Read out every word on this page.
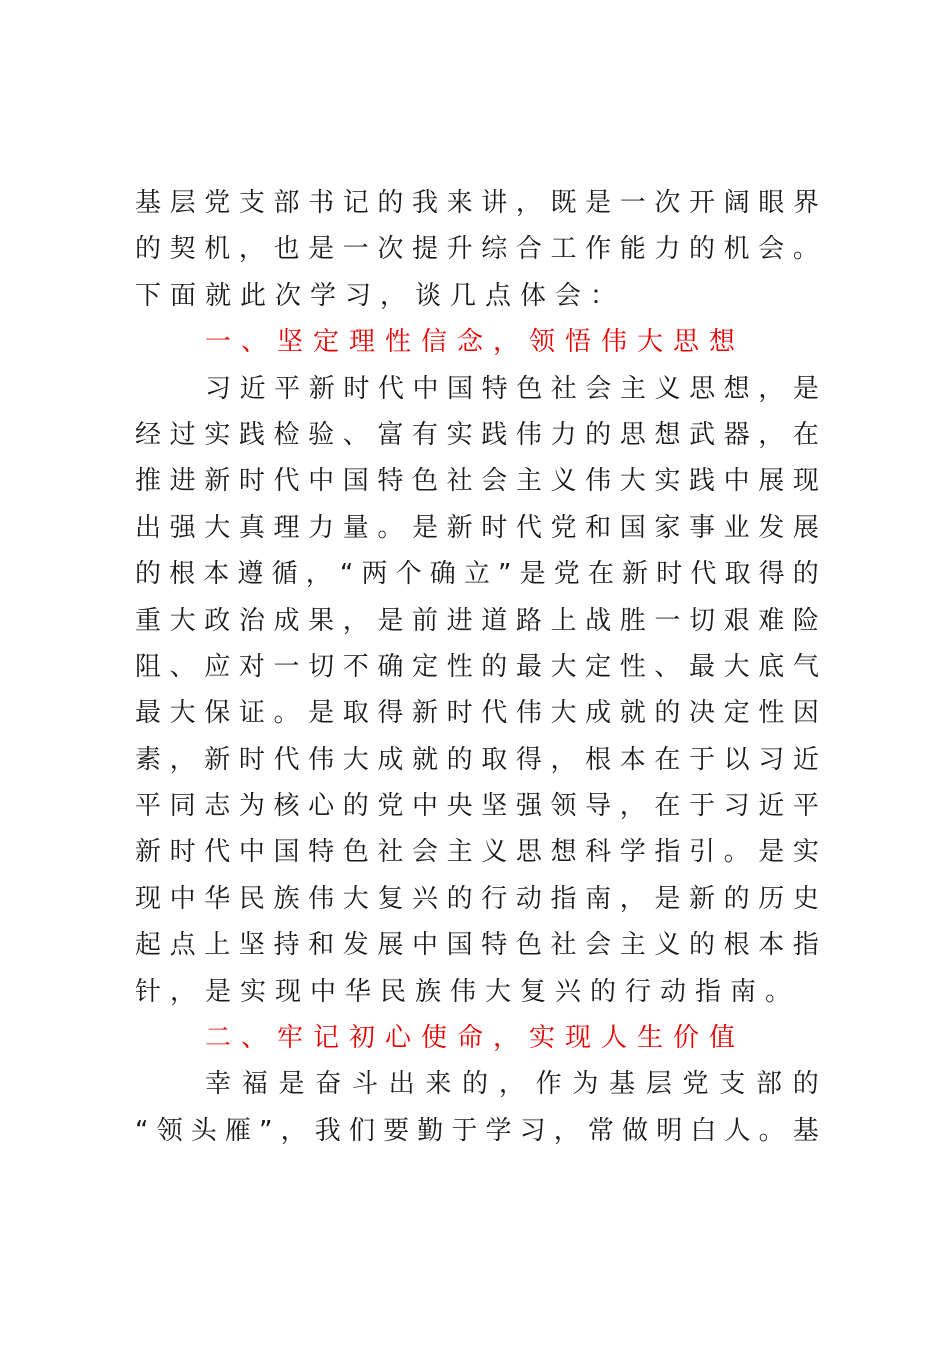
基 层 党 支 部 书 记 的 我 来 讲 ， 既 是 一 次 开 阔 眼 界
的 契 机 ， 也 是 一 次 提 升 综 合 工 作 能 力 的 机 会 。
下面就此次学习，谈几点体会：
一、坚定理性信念，领悟伟大思想
习 近 平 新 时 代 中 国 特 色 社 会 主 义 思 想 ， 是
经 过 实 践 检 验 、 富 有 实 践 伟 力 的 思 想 武 器 ， 在
推 进 新 时 代 中 国 特 色 社 会 主 义 伟 大 实 践 中 展 现
出 强 大 真 理 力 量 。 是 新 时 代 党 和 国 家 事 业 发 展
的 根 本 遵 循 ， “ 两 个 确 立 ” 是 党 在 新 时 代 取 得 的
重 大 政 治 成 果 ， 是 前 进 道 路 上 战 胜 一 切 艰 难 险
阻 、 应 对 一 切 不 确 定 性 的 最 大 定 性 、 最 大 底 气
最 大 保 证 。 是 取 得 新 时 代 伟 大 成 就 的 决 定 性 因
素 ， 新 时 代 伟 大 成 就 的 取 得 ， 根 本 在 于 以 习 近
平 同 志 为 核 心 的 党 中 央 坚 强 领 导 ， 在 于 习 近 平
新 时 代 中 国 特 色 社 会 主 义 思 想 科 学 指 引 。 是 实
现 中 华 民 族 伟 大 复 兴 的 行 动 指 南 ， 是 新 的 历 史
起 点 上 坚 持 和 发 展 中 国 特 色 社 会 主 义 的 根 本 指
针，是实现中华民族伟大复兴的行动指南。
二、牢记初心使命，实现人生价值
幸 福 是 奋 斗 出 来 的 ， 作 为 基 层 党 支 部 的
“ 领 头 雁 ” ， 我 们 要 勤 于 学 习 ， 常 做 明 白 人 。 基
